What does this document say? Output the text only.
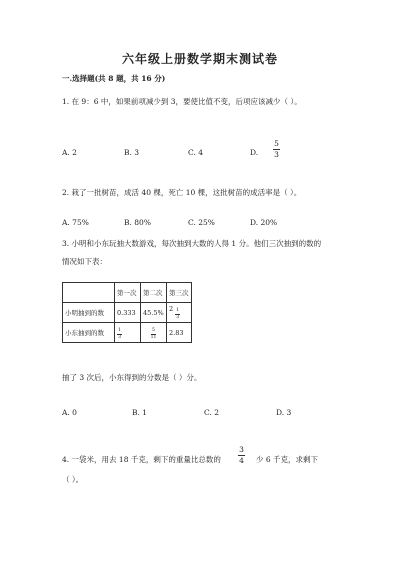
六年级上册数学期末测试卷
一.选择题(共 8 题，共 16 分)
1. 在 9：6 中，如果前项减少到 3，要使比值不变，后项应该减少（ ）。
A. 2	B. 3	C. 4	D.
5
3
2. 栽了一批树苗，成活 40 棵，死亡 10 棵，这批树苗的成活率是（ ）。
A. 75%	B. 80%	C. 25%	D. 20%
3. 小明和小东玩抽大数游戏，每次抽到大数的人得 1 分。他们三次抽到的数的
情况如下表：
	第一次	第二次	第三次
小明抽到的数	0.333	45.5%	$2 \frac{1}{3}$

小东抽到的数	$\frac{1}{3}$	$\frac{5}{11}$	2.83
抽了 3 次后，小东得到的分数是（ ）分。
A. 0	B. 1	C. 2	D. 3
4. 一袋米，用去 18 千克，剩下的重量比总数的
3
4 少 6 千克，求剩下
（ ）。
